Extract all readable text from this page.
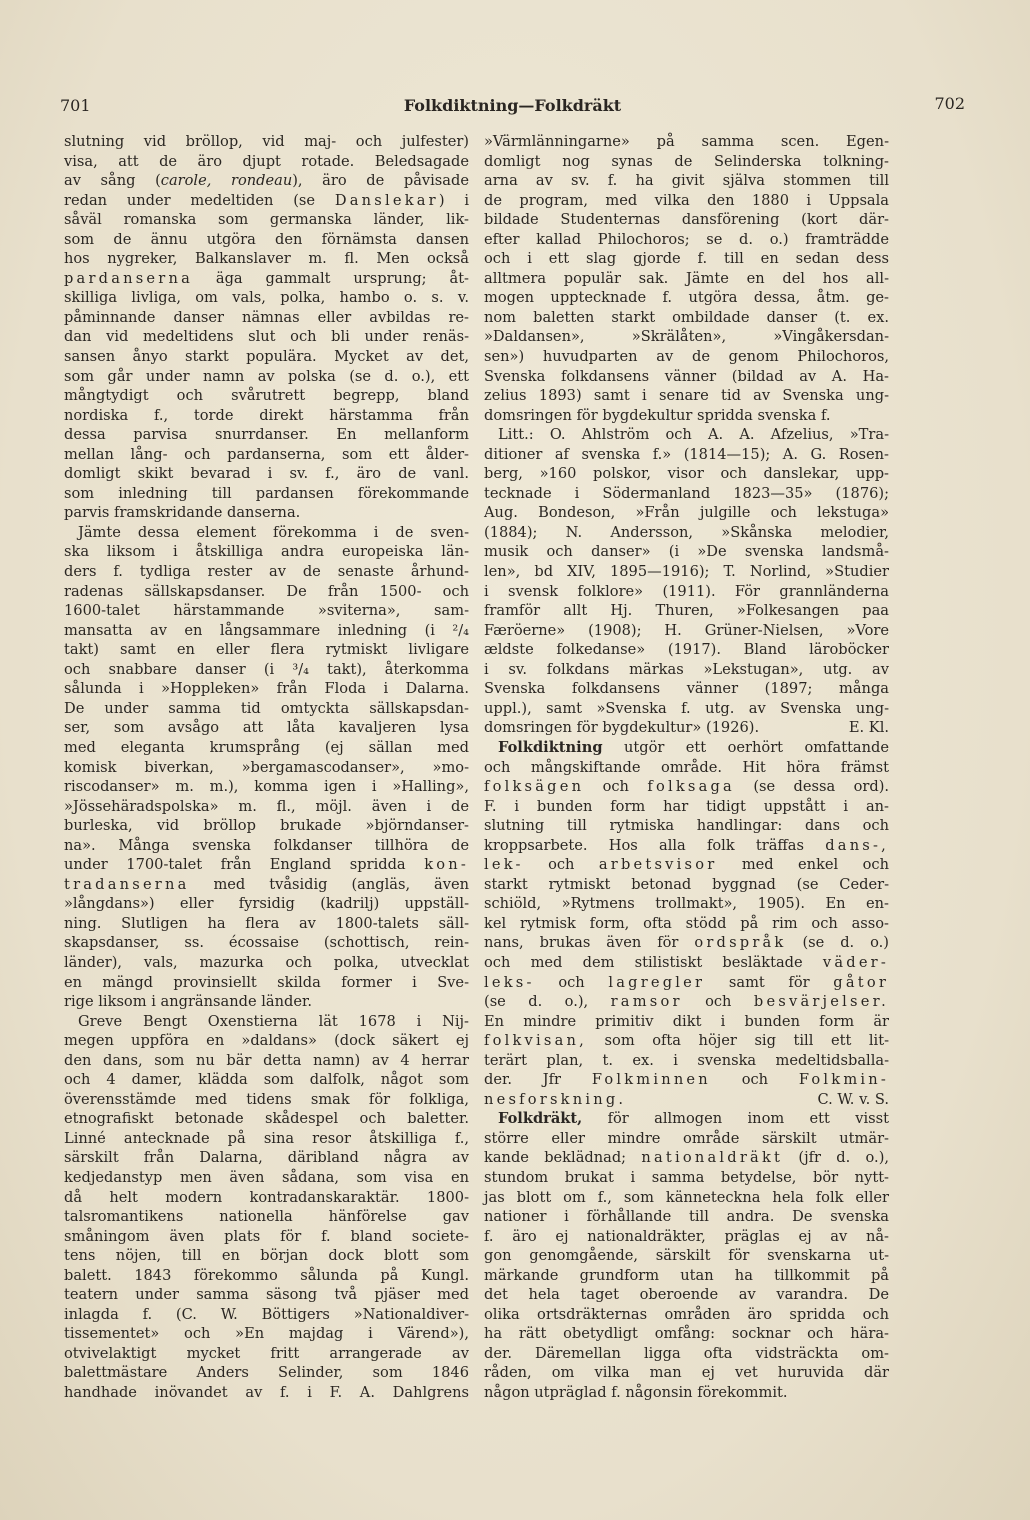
701	Folkdiktning—Folkdräkt	702

slutning vid bröllop, vid maj- och julfester)

visa, att de äro djupt rotade. Beledsagade

av sång (carole, rondeau), äro de påvisade

redan under medeltiden (se Danslekar) i

såväl romanska som germanska länder, lik-

som de ännu utgöra den förnämsta dansen

hos nygreker, Balkanslaver m. fl. Men också

pardanserna äga gammalt ursprung; åt-

skilliga livliga, om vals, polka, hambo o. s. v.

påminnande danser nämnas eller avbildas re-

dan vid medeltidens slut och bli under renäs-

sansen ånyo starkt populära. Mycket av det,

som går under namn av polska (se d. o.), ett

mångtydigt och svårutrett begrepp, bland

nordiska f., torde direkt härstamma från

dessa parvisa snurrdanser. En mellanform

mellan lång- och pardanserna, som ett ålder-

domligt skikt bevarad i sv. f., äro de vanl.

som inledning till pardansen förekommande

parvis framskridande danserna.

Jämte dessa element förekomma i de sven-

ska liksom i åtskilliga andra europeiska län-

ders f. tydliga rester av de senaste århund-

radenas sällskapsdanser. De från 1500- och

1600-talet härstammande »sviterna», sam-

mansatta av en långsammare inledning (i ²/₄

takt) samt en eller flera rytmiskt livligare

och snabbare danser (i ³/₄ takt), återkomma

sålunda i »Hoppleken» från Floda i Dalarna.

De under samma tid omtyckta sällskapsdan-

ser, som avsågo att låta kavaljeren lysa

med eleganta krumsprång (ej sällan med

komisk biverkan, »bergamascodanser», »mo-

riscodanser» m. m.), komma igen i »Halling»,

»Jössehäradspolska» m. fl., möjl. även i de

burleska, vid bröllop brukade »björndanser-

na». Många svenska folkdanser tillhöra de

under 1700-talet från England spridda kon-

tradanserna med tvåsidig (angläs, även

»långdans») eller fyrsidig (kadrilj) uppställ-

ning. Slutligen ha flera av 1800-talets säll-

skapsdanser, ss. écossaise (schottisch, rein-

länder), vals, mazurka och polka, utvecklat

en mängd provinsiellt skilda former i Sve-

rige liksom i angränsande länder.

Greve Bengt Oxenstierna lät 1678 i Nij-

megen uppföra en »daldans» (dock säkert ej

den dans, som nu bär detta namn) av 4 herrar

och 4 damer, klädda som dalfolk, något som

överensstämde med tidens smak för folkliga,

etnografiskt betonade skådespel och baletter.

Linné antecknade på sina resor åtskilliga f.,

särskilt från Dalarna, däribland några av

kedjedanstyp men även sådana, som visa en

då helt modern kontradanskaraktär. 1800-

talsromantikens nationella hänförelse gav

småningom även plats för f. bland societe-

tens nöjen, till en början dock blott som

balett. 1843 förekommo sålunda på Kungl.

teatern under samma säsong två pjäser med

inlagda f. (C. W. Böttigers »Nationaldiver-

tissementet» och »En majdag i Värend»),

otvivelaktigt mycket fritt arrangerade av

balettmästare Anders Selinder, som 1846

handhade inövandet av f. i F. A. Dahlgrens

»Värmlänningarne» på samma scen. Egen-

domligt nog synas de Selinderska tolkning-

arna av sv. f. ha givit själva stommen till

de program, med vilka den 1880 i Uppsala

bildade Studenternas dansförening (kort där-

efter kallad Philochoros; se d. o.) framträdde

och i ett slag gjorde f. till en sedan dess

alltmera populär sak. Jämte en del hos all-

mogen upptecknade f. utgöra dessa, åtm. ge-

nom baletten starkt ombildade danser (t. ex.

»Daldansen», »Skrälåten», »Vingåkersdan-

sen») huvudparten av de genom Philochoros,

Svenska folkdansens vänner (bildad av A. Ha-

zelius 1893) samt i senare tid av Svenska ung-

domsringen för bygdekultur spridda svenska f.

Litt.: O. Ahlström och A. A. Afzelius, »Tra-

ditioner af svenska f.» (1814—15); A. G. Rosen-

berg, »160 polskor, visor och danslekar, upp-

tecknade i Södermanland 1823—35» (1876);

Aug. Bondeson, »Från julgille och lekstuga»

(1884); N. Andersson, »Skånska melodier,

musik och danser» (i »De svenska landsmå-

len», bd XIV, 1895—1916); T. Norlind, »Studier

i svensk folklore» (1911). För grannländerna

framför allt Hj. Thuren, »Folkesangen paa

Færöerne» (1908); H. Grüner-Nielsen, »Vore

ældste folkedanse» (1917). Bland läroböcker

i sv. folkdans märkas »Lekstugan», utg. av

Svenska folkdansens vänner (1897; många

uppl.), samt »Svenska f. utg. av Svenska ung-

domsringen för bygdekultur» (1926).	E. Kl.

Folkdiktning utgör ett oerhört omfattande

och mångskiftande område. Hit höra främst

folksägen och folksaga (se dessa ord).

F. i bunden form har tidigt uppstått i an-

slutning till rytmiska handlingar: dans och

kroppsarbete. Hos alla folk träffas dans-,

lek- och arbetsvisor med enkel och

starkt rytmiskt betonad byggnad (se Ceder-

schiöld, »Rytmens trollmakt», 1905). En en-

kel rytmisk form, ofta stödd på rim och asso-

nans, brukas även för ordspråk (se d. o.)

och med dem stilistiskt besläktade väder-

leks- och lagregler samt för gåtor

(se d. o.), ramsor och besvärjelser.

En mindre primitiv dikt i bunden form är

folkvisan, som ofta höjer sig till ett lit-

terärt plan, t. ex. i svenska medeltidsballa-

der. Jfr Folkminnen och Folkmin-

nesforskning.	C. W. v. S.

Folkdräkt, för allmogen inom ett visst

större eller mindre område särskilt utmär-

kande beklädnad; nationaldräkt (jfr d. o.),

stundom brukat i samma betydelse, bör nytt-

jas blott om f., som kännetecknа hela folk eller

nationer i förhållande till andra. De svenska

f. äro ej nationaldräkter, präglas ej av nå-

gon genomgående, särskilt för svenskarna ut-

märkande grundform utan ha tillkommit på

det hela taget oberoende av varandra. De

olika ortsdräkternas områden äro spridda och

ha rätt obetydligt omfång: socknar och härа-

der. Däremellan ligga ofta vidsträckta om-

råden, om vilka man ej vet huruvida där

någon utpräglad f. någonsin förekommit.
